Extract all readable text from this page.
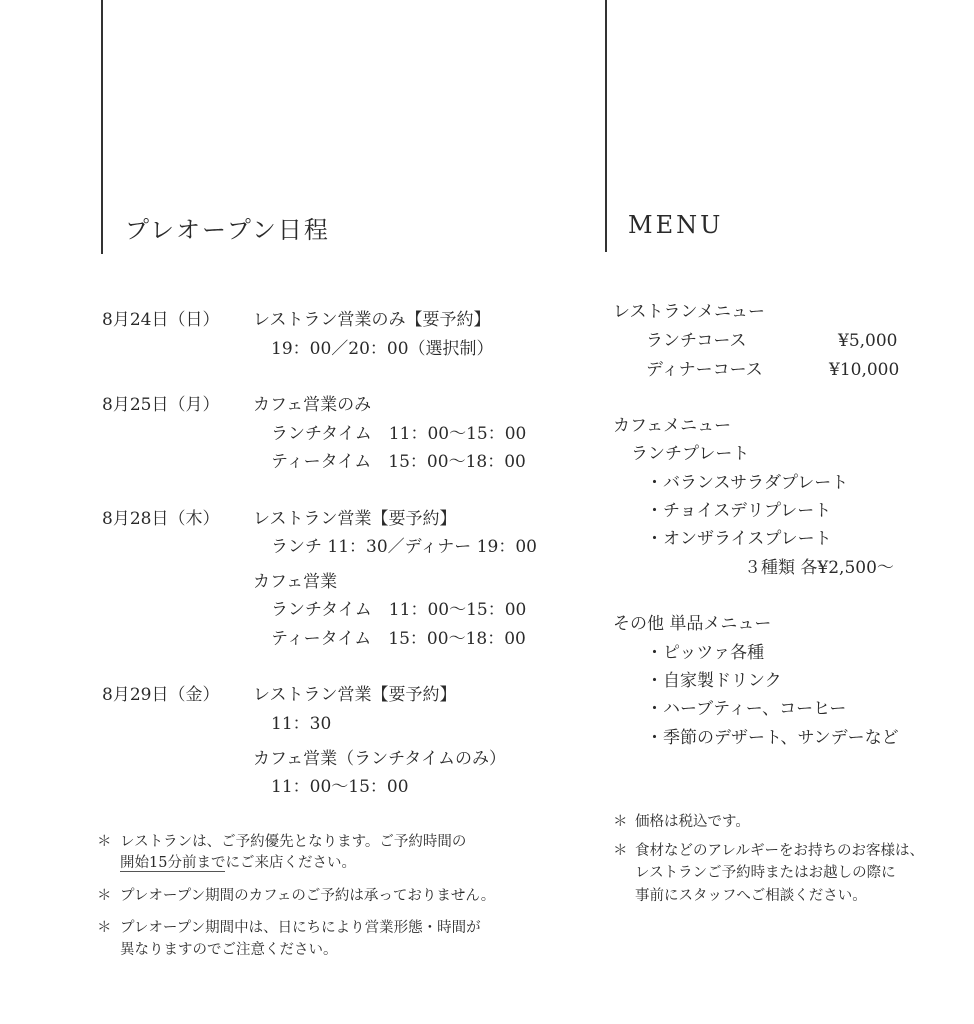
プレオープン日程
8月24日（日） レストラン営業のみ【要予約】
19：00／20：00（選択制）
8月25日（月） カフェ営業のみ
ランチタイム　11：00〜15：00
ティータイム　15：00〜18：00
8月28日（木） レストラン営業【要予約】
ランチ 11：30／ディナー 19：00
カフェ営業
ランチタイム　11：00〜15：00
ティータイム　15：00〜18：00
8月29日（金） レストラン営業【要予約】
11：30
カフェ営業（ランチタイムのみ）
11：00〜15：00
＊ レストランは、ご予約優先となります。ご予約時間の
開始15分前までにご来店ください。
＊ プレオープン期間のカフェのご予約は承っておりません。
＊ プレオープン期間中は、日にちにより営業形態・時間が
異なりますのでご注意ください。
MENU
レストランメニュー
ランチコース	¥5,000
ディナーコース	¥10,000
カフェメニュー
ランチプレート
・バランスサラダプレート
・チョイスデリプレート
・オンザライスプレート
３種類 各¥2,500〜
その他 単品メニュー
・ピッツァ各種
・自家製ドリンク
・ハーブティー、コーヒー
・季節のデザート、サンデーなど
＊ 価格は税込です。
＊ 食材などのアレルギーをお持ちのお客様は、
レストランご予約時またはお越しの際に
事前にスタッフへご相談ください。
